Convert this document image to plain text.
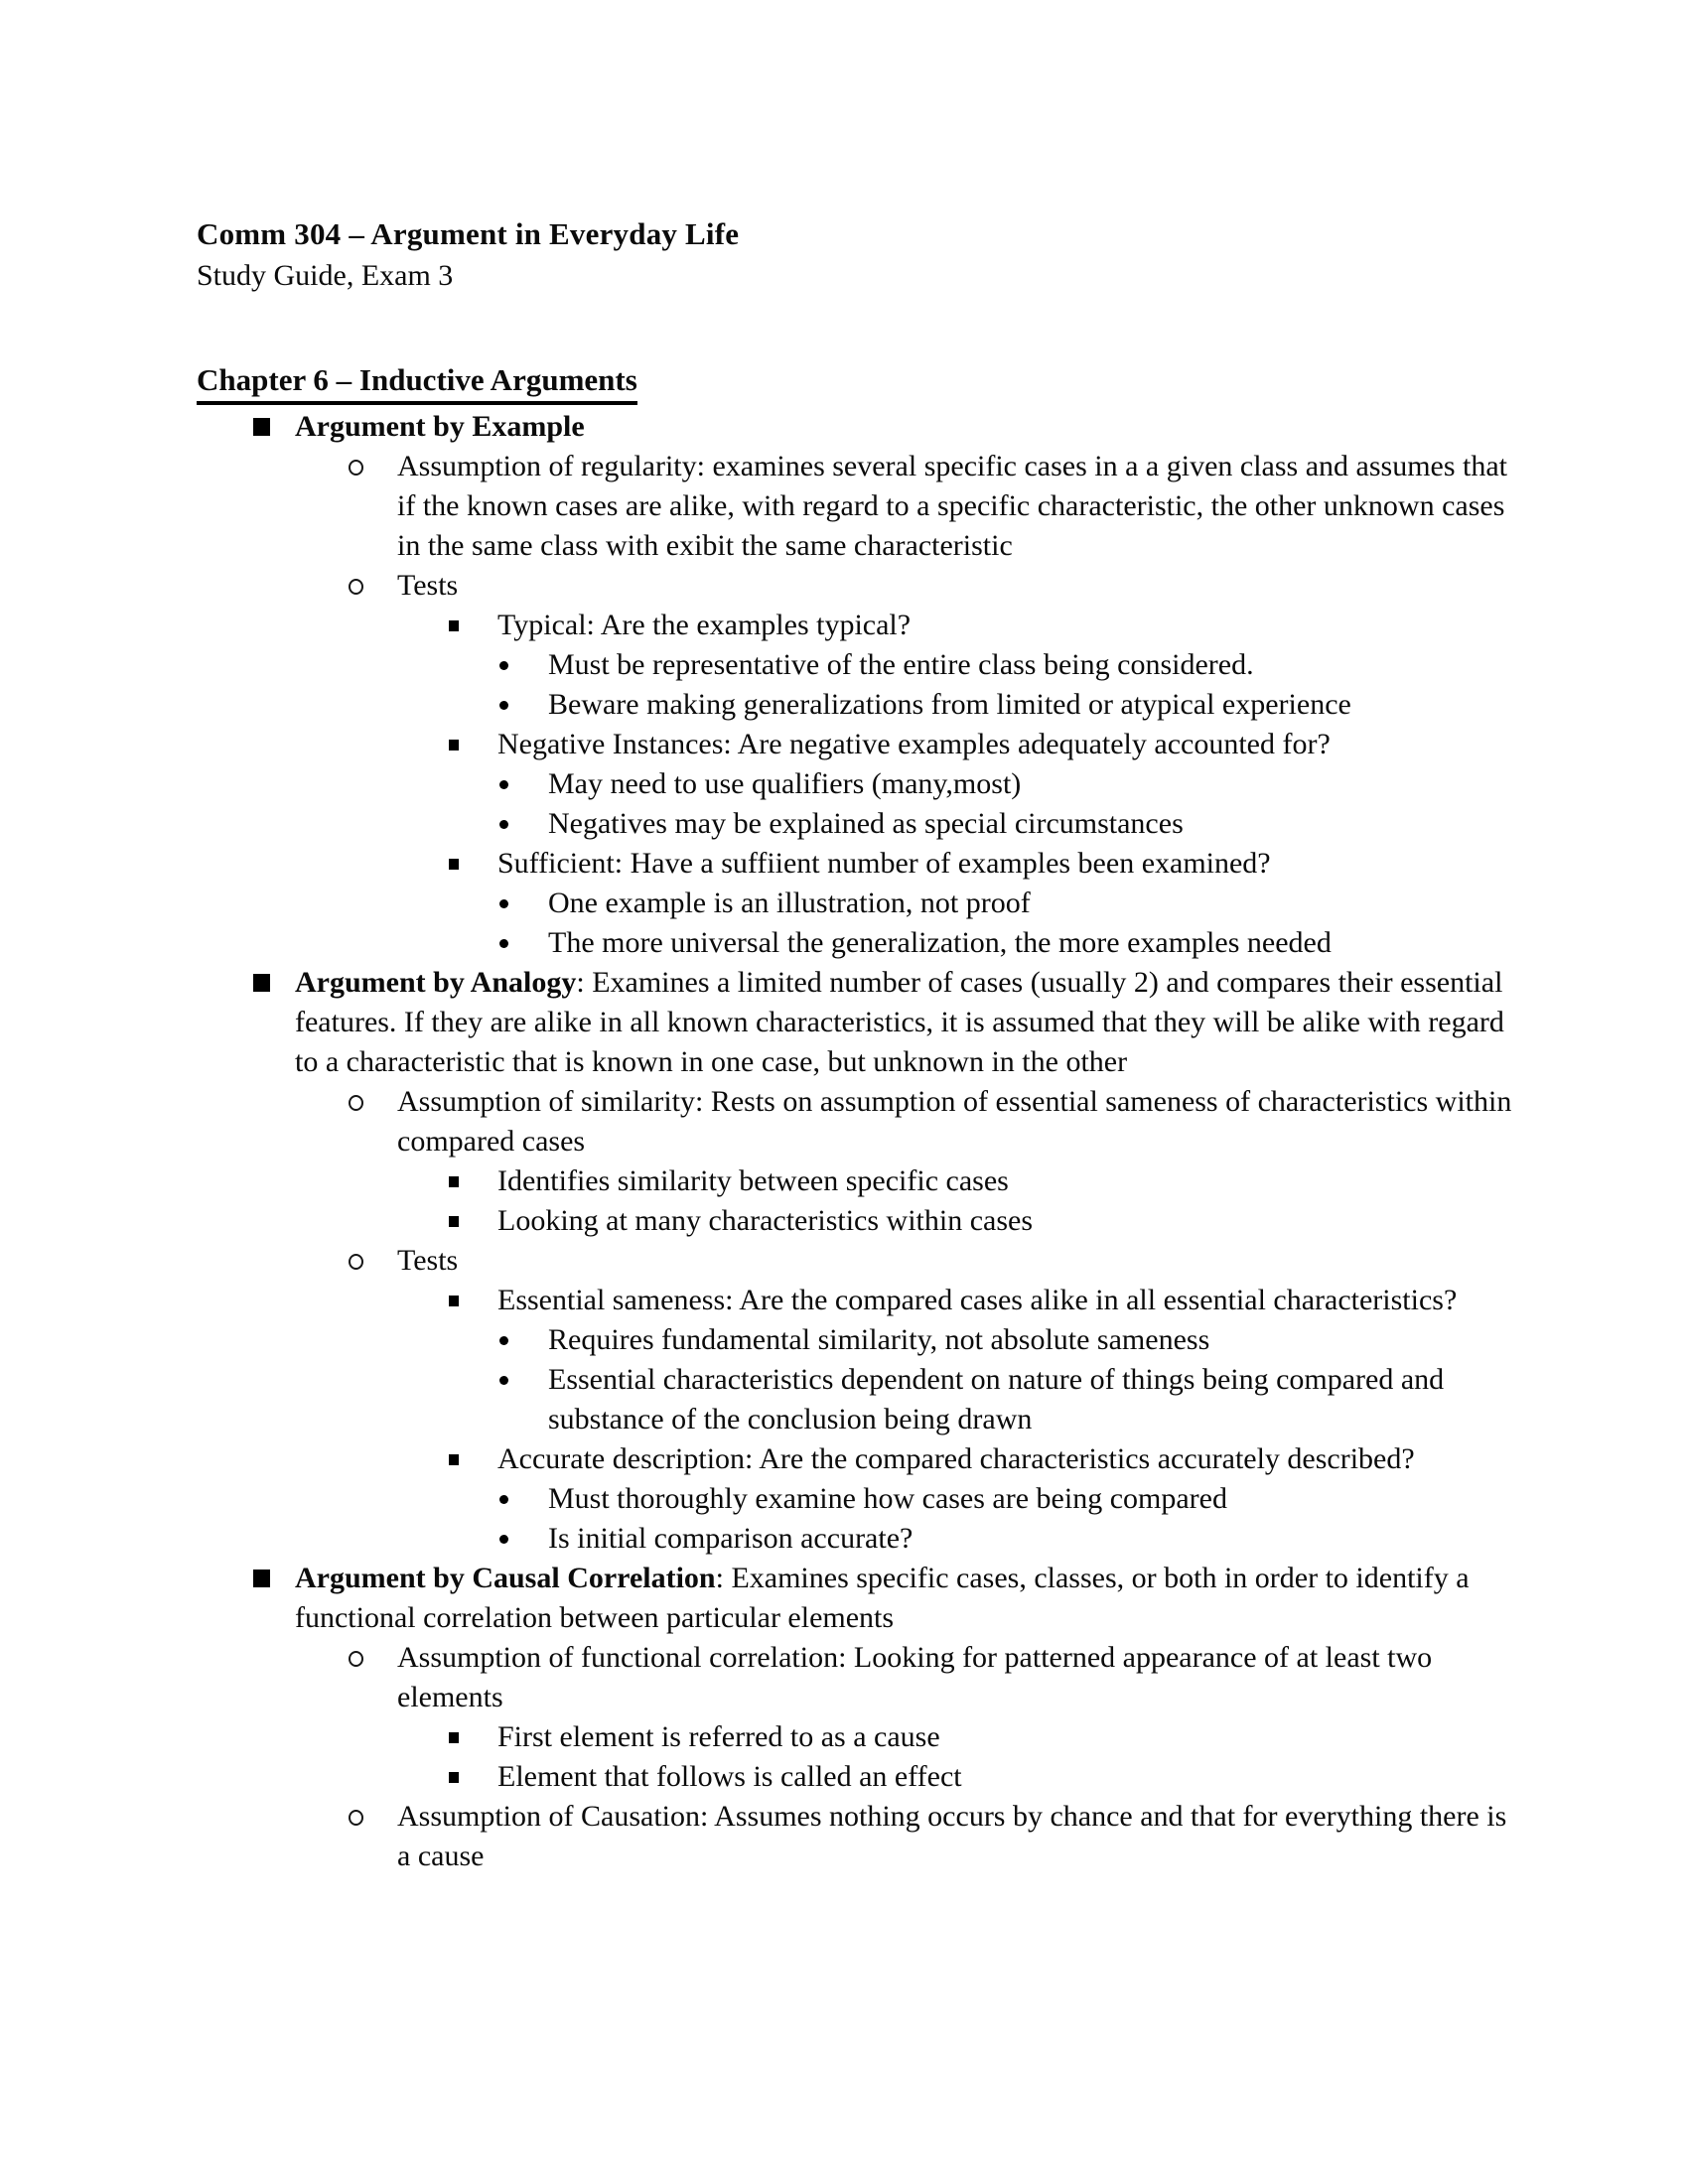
Comm 304 – Argument in Everyday Life
Study Guide, Exam 3
Chapter 6 – Inductive Arguments
Argument by Example
Assumption of regularity: examines several specific cases in a a given class and assumes that if the known cases are alike, with regard to a specific characteristic, the other unknown cases in the same class with exibit the same characteristic
Tests
Typical: Are the examples typical?
Must be representative of the entire class being considered.
Beware making generalizations from limited or atypical experience
Negative Instances: Are negative examples adequately accounted for?
May need to use qualifiers (many,most)
Negatives may be explained as special circumstances
Sufficient: Have a suffiient number of examples been examined?
One example is an illustration, not proof
The more universal the generalization, the more examples needed
Argument by Analogy: Examines a limited number of cases (usually 2) and compares their essential features. If they are alike in all known characteristics, it is assumed that they will be alike with regard to a characteristic that is known in one case, but unknown in the other
Assumption of similarity: Rests on assumption of essential sameness of characteristics within compared cases
Identifies similarity between specific cases
Looking at many characteristics within cases
Tests
Essential sameness: Are the compared cases alike in all essential characteristics?
Requires fundamental similarity, not absolute sameness
Essential characteristics dependent on nature of things being compared and substance of the conclusion being drawn
Accurate description: Are the compared characteristics accurately described?
Must thoroughly examine how cases are being compared
Is initial comparison accurate?
Argument by Causal Correlation: Examines specific cases, classes, or both in order to identify a functional correlation between particular elements
Assumption of functional correlation: Looking for patterned appearance of at least two elements
First element is referred to as a cause
Element that follows is called an effect
Assumption of Causation: Assumes nothing occurs by chance and that for everything there is a cause
